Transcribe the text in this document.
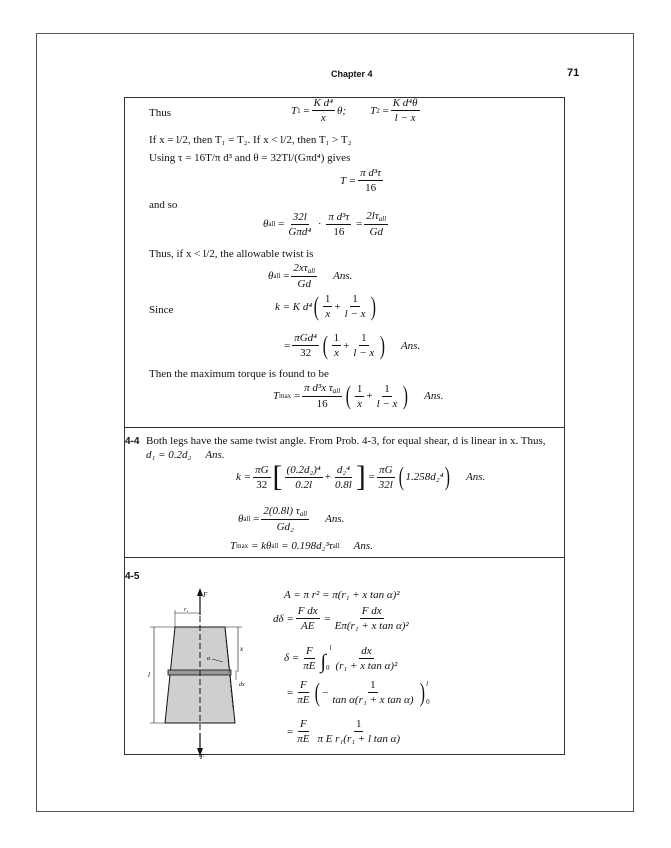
Chapter 4	71
Thus	T $1 = \frac{\text{K d⁴}}{x} \theta$; T $2 = \frac{\text{K d⁴θ}}{l - x}$
If x = l/2, then T₁ = T₂. If x < l/2, then T₁ > T₂
Using τ = 16T/π d³ and θ = 32Tl/(Gπd⁴) gives
$T = \frac{\text{π d³τ}}{16}$
and so
θ all = $\frac{32l}{\text{Gπd⁴}} \cdot \frac{\text{π d³τ}}{16} = \frac{2l\tau_{all}}{Gd}$
Thus, if x < l/2, the allowable twist is
θ all = $\frac{2x\tau_{all}}{Gd}$ Ans.
Since	k = K d⁴ ( $\frac{1}{x} + \frac{1}{l - x}$ )
= $\frac{\text{πGd⁴}}{32}$ ( $\frac{1}{x} + \frac{1}{l - x}$ ) Ans.
Then the maximum torque is found to be
T $\max = \frac{\pi d^3x \tau_{all}}{16}$ ( $\frac{1}{x} + \frac{1}{l - x}$ ) Ans.
4-4 Both legs have the same twist angle. From Prob. 4-3, for equal shear, d is linear in x. Thus,
d₁ = 0.2d₂ Ans.
$k = \frac{\pi G}{32}$ [ $\frac{\text{(0.2d₂)⁴}}{0.2l} + \frac{\text{d₂⁴}}{0.8l}$ ] = $\frac{\pi G}{32l}$ ( 1.258d₂⁴ ) Ans.
θ all = $\frac{2(0.8l) \tau_{all}}{\text{Gd₂}}$ Ans.
T max
= kθ all
= 0.198d₂³τ all Ans.
4-5
F
F
r₁
α
dx
l
x
A = π r² = π(r₁ + x tan α)²
$d\delta = \frac{\text{F dx}}{AE} = \frac{\text{F dx}}{\text{Eπ(r₁ + x tan α)²}}$
$\delta = \frac{F}{\pi E}$ l
∫ $0 \frac{dx}{\text{(r₁ + x tan α)²}}$
= $\frac{F}{\pi E}$ ( − $\frac{1}{\text{tan α(r₁ + x tan α)}}$ ) l
0
= $\frac{F}{\pi E} \frac{1}{\text{π E r₁(r₁ + l tan α)}}$
